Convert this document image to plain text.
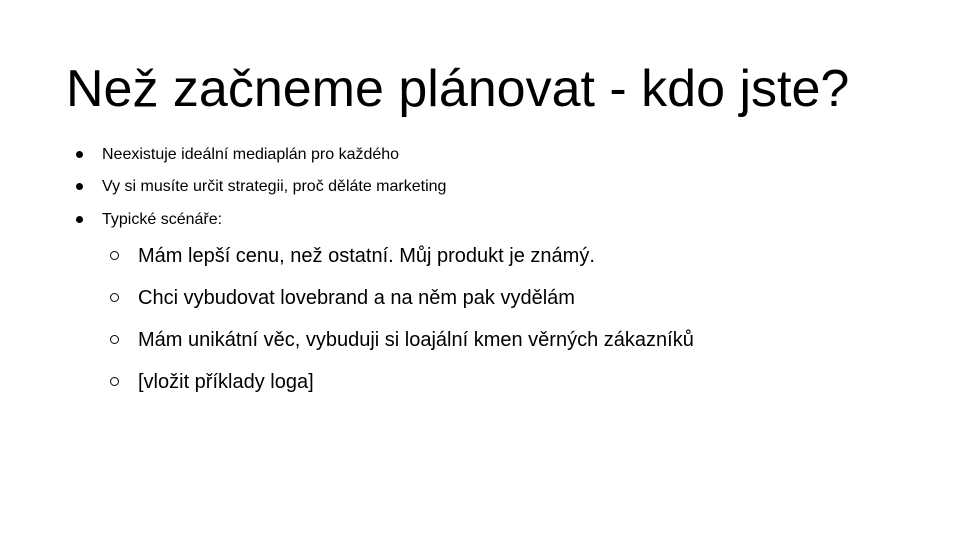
Než začneme plánovat - kdo jste?
Neexistuje ideální mediaplán pro každého
Vy si musíte určit strategii, proč děláte marketing
Typické scénáře:
Mám lepší cenu, než ostatní. Můj produkt je známý.
Chci vybudovat lovebrand a na něm pak vydělám
Mám unikátní věc, vybuduji si loajální kmen věrných zákazníků
[vložit příklady loga]
